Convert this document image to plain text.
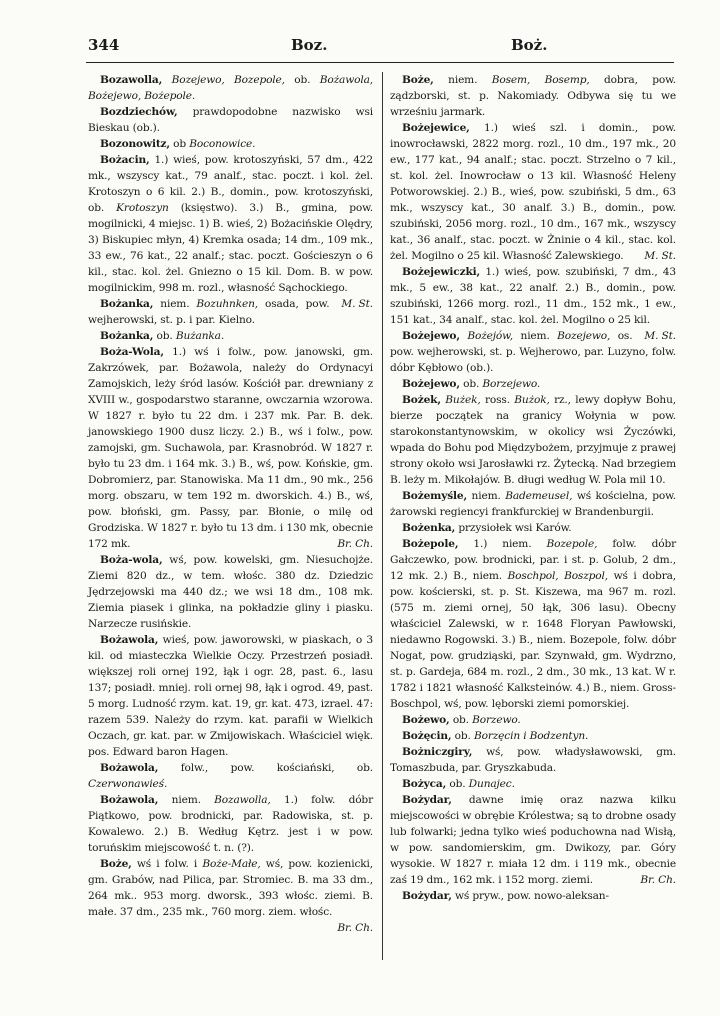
344	Boz.	Boż.

Bozawolla, Bozejewo, Bozepole, ob. Bożawola, Bożejewo, Bożepole.

Bozdziechów, prawdopodobne nazwisko wsi Bieskau (ob.).

Bozonowitz, ob Boconowice.

Bożacin, 1.) wieś, pow. krotoszyński, 57 dm., 422 mk., wszyscy kat., 79 analf., stac. poczt. i kol. żel. Krotoszyn o 6 kil. 2.) B., domin., pow. krotoszyński, ob. Krotoszyn (księstwo). 3.) B., gmina, pow. mogilnicki, 4 miejsc. 1) B. wieś, 2) Bożacińskie Olędry, 3) Biskupiec młyn, 4) Kremka osada; 14 dm., 109 mk., 33 ew., 76 kat., 22 analf.; stac. poczt. Gościeszyn o 6 kil., stac. kol. żel. Gniezno o 15 kil. Dom. B. w pow. mogilnickim, 998 m. rozl., własność Sąchockiego.
M. St.

Bożanka, niem. Bozuhnken, osada, pow. wejherowski, st. p. i par. Kielno.

Bożanka, ob. Bużanka.

Boża-Wola, 1.) wś i folw., pow. janowski, gm. Zakrzówek, par. Bożawola, należy do Ordynacyi Zamojskich, leży śród lasów. Kościół par. drewniany z XVIII w., gospodarstwo staranne, owczarnia wzorowa. W 1827 r. było tu 22 dm. i 237 mk. Par. B. dek. janowskiego 1900 dusz liczy. 2.) B., wś i folw., pow. zamojski, gm. Suchawola, par. Krasnobród. W 1827 r. było tu 23 dm. i 164 mk. 3.) B., wś, pow. Końskie, gm. Dobromierz, par. Stanowiska. Ma 11 dm., 90 mk., 256 morg. obszaru, w tem 192 m. dworskich. 4.) B., wś, pow. błoński, gm. Passy, par. Błonie, o milę od Grodziska. W 1827 r. było tu 13 dm. i 130 mk, obecnie 172 mk.	Br. Ch.

Boża-wola, wś, pow. kowelski, gm. Niesuchojże. Ziemi 820 dz., w tem. włośc. 380 dz. Dziedzic Jędrzejowski ma 440 dz.; we wsi 18 dm., 108 mk. Ziemia piasek i glinka, na pokładzie gliny i piasku. Narzecze rusińskie.

Bożawola, wieś, pow. jaworowski, w piaskach, o 3 kil. od miasteczka Wielkie Oczy. Przestrzeń posiadł. większej roli ornej 192, łąk i ogr. 28, past. 6., lasu 137; posiadł. mniej. roli ornej 98, łąk i ogrod. 49, past. 5 morg. Ludność rzym. kat. 19, gr. kat. 473, izrael. 47: razem 539. Należy do rzym. kat. parafii w Wielkich Oczach, gr. kat. par. w Zmijowiskach. Właściciel więk. pos. Edward baron Hagen.

Bożawola, folw., pow. kościański, ob. Czerwonawieś.

Bożawola, niem. Bozawolla, 1.) folw. dóbr Piątkowo, pow. brodnicki, par. Radowiska, st. p. Kowalewo. 2.) B. Według Kętrz. jest i w pow. toruńskim miejscowość t. n. (?).

Boże, wś i folw. i Boże-Małe, wś, pow. kozienicki, gm. Grabów, nad Pilica, par. Stromiec. B. ma 33 dm., 264 mk.. 953 morg. dworsk., 393 włośc. ziemi. B. małe. 37 dm., 235 mk., 760 morg. ziem. włośc.
Br. Ch.

Boże, niem. Bosem, Bosemp, dobra, pow. ządzborski, st. p. Nakomiady. Odbywa się tu we wrześniu jarmark.

Bożejewice, 1.) wieś szl. i domin., pow. inowrocławski, 2822 morg. rozl., 10 dm., 197 mk., 20 ew., 177 kat., 94 analf.; stac. poczt. Strzelno o 7 kil., st. kol. żel. Inowrocław o 13 kil. Własność Heleny Potworowskiej. 2.) B., wieś, pow. szubiński, 5 dm., 63 mk., wszyscy kat., 30 analf. 3.) B., domin., pow. szubiński, 2056 morg. rozl., 10 dm., 167 mk., wszyscy kat., 36 analf., stac. poczt. w Żninie o 4 kil., stac. kol. żel. Mogilno o 25 kil. Własność Zalewskiego.	M. St.

Bożejewiczki, 1.) wieś, pow. szubiński, 7 dm., 43 mk., 5 ew., 38 kat., 22 analf. 2.) B., domin., pow. szubiński, 1266 morg. rozl., 11 dm., 152 mk., 1 ew., 151 kat., 34 analf., stac. kol. żel. Mogilno o 25 kil.
M. St.

Bożejewo, Bożejów, niem. Bozejewo, os. pow. wejherowski, st. p. Wejherowo, par. Luzyno, folw. dóbr Kębłowo (ob.).

Bożejewo, ob. Borzejewo.

Bożek, Bużek, ross. Bużok, rz., lewy dopływ Bohu, bierze początek na granicy Wołynia w pow. starokonstantynowskim, w okolicy wsi Życzówki, wpada do Bohu pod Międzybożem, przyjmuje z prawej strony około wsi Jarosławki rz. Żytecką. Nad brzegiem B. leży m. Mikołajów. B. długi według W. Pola mil 10.

Bożemyśle, niem. Bademeusel, wś kościelna, pow. żarowski regiencyi frankfurckiej w Brandenburgii.

Bożenka, przysiołek wsi Karów.

Bożepole, 1.) niem. Bozepole, folw. dóbr Gałczewko, pow. brodnicki, par. i st. p. Golub, 2 dm., 12 mk. 2.) B., niem. Boschpol, Boszpol, wś i dobra, pow. kościerski, st. p. St. Kiszewa, ma 967 m. rozl. (575 m. ziemi ornej, 50 łąk, 306 lasu). Obecny właściciel Zalewski, w r. 1648 Floryan Pawłowski, niedawno Rogowski. 3.) B., niem. Bozepole, folw. dóbr Nogat, pow. grudziąski, par. Szynwałd, gm. Wydrzno, st. p. Gardeja, 684 m. rozl., 2 dm., 30 mk., 13 kat. W r. 1782 i 1821 własność Kalksteinów. 4.) B., niem. Gross-Boschpol, wś, pow. lęborski ziemi pomorskiej.

Bożewo, ob. Borzewo.

Bożęcin, ob. Borzęcin i Bodzentyn.

Bożniczgiry, wś, pow. władysławowski, gm. Tomaszbuda, par. Gryszkabuda.

Bożyca, ob. Dunajec.

Bożydar, dawne imię oraz nazwa kilku miejscowości w obrębie Królestwa; są to drobne osady lub folwarki; jedna tylko wieś poduchowna nad Wisłą, w pow. sandomierskim, gm. Dwikozy, par. Góry wysokie. W 1827 r. miała 12 dm. i 119 mk., obecnie zaś 19 dm., 162 mk. i 152 morg. ziemi.	Br. Ch.

Bożydar, wś pryw., pow. nowo-aleksan-
